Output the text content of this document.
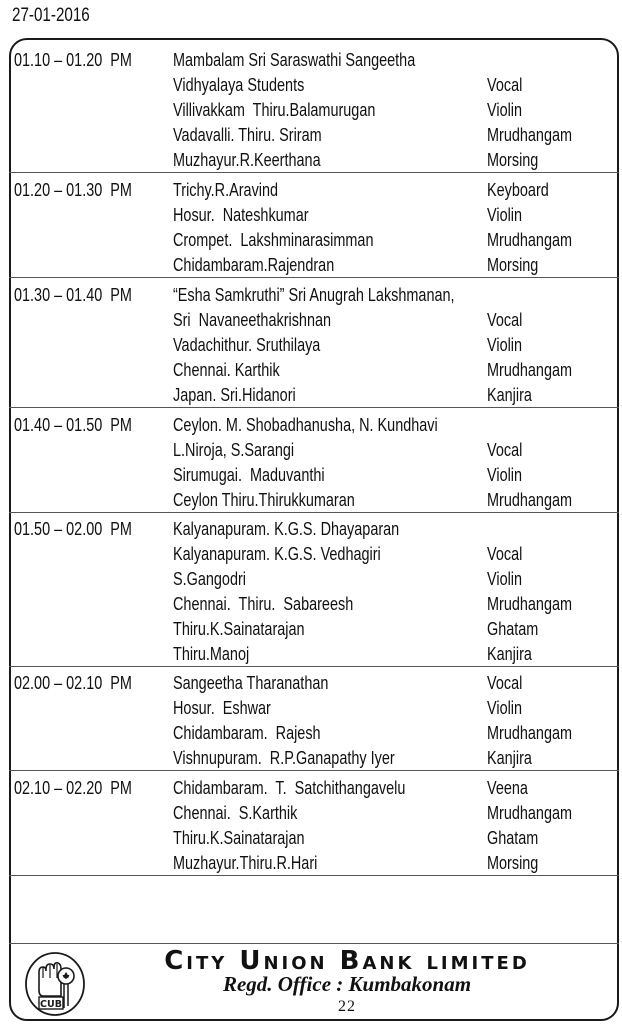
27-01-2016
01.10 – 01.20  PM Mambalam Sri Saraswathi Sangeetha
Vidhyalaya Students	Vocal
Villivakkam  Thiru.Balamurugan	Violin
Vadavalli. Thiru. Sriram	Mrudhangam
Muzhayur.R.Keerthana	Morsing
01.20 – 01.30  PM Trichy.R.Aravind	Keyboard
Hosur.  Nateshkumar	Violin
Crompet.  Lakshminarasimman	Mrudhangam
Chidambaram.Rajendran	Morsing
01.30 – 01.40  PM “Esha Samkruthi” Sri Anugrah Lakshmanan,
Sri  Navaneethakrishnan	Vocal
Vadachithur. Sruthilaya	Violin
Chennai. Karthik	Mrudhangam
Japan. Sri.Hidanori	Kanjira
01.40 – 01.50  PM Ceylon. M. Shobadhanusha, N. Kundhavi
L.Niroja, S.Sarangi	Vocal
Sirumugai.  Maduvanthi	Violin
Ceylon Thiru.Thirukkumaran	Mrudhangam
01.50 – 02.00  PM Kalyanapuram. K.G.S. Dhayaparan
Kalyanapuram. K.G.S. Vedhagiri	Vocal
S.Gangodri	Violin
Chennai.  Thiru.  Sabareesh	Mrudhangam
Thiru.K.Sainatarajan	Ghatam
Thiru.Manoj	Kanjira
02.00 – 02.10  PM Sangeetha Tharanathan	Vocal
Hosur.  Eshwar	Violin
Chidambaram.  Rajesh	Mrudhangam
Vishnupuram.  R.P.Ganapathy Iyer	Kanjira
02.10 – 02.20  PM Chidambaram.  T.  Satchithangavelu	Veena
Chennai.  S.Karthik	Mrudhangam
Thiru.K.Sainatarajan	Ghatam
Muzhayur.Thiru.R.Hari	Morsing
CUB
City Union Bank limited
Regd. Office : Kumbakonam
22
